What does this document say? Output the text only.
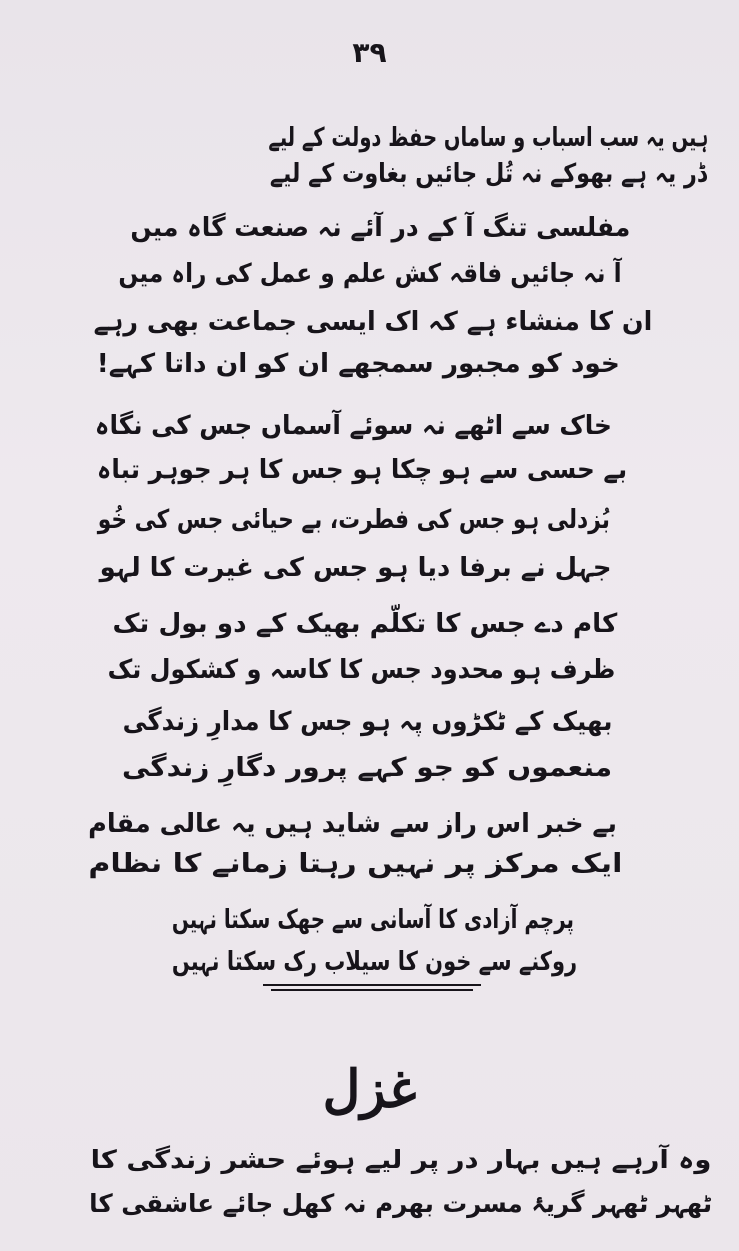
۳۹
ہیں یہ سب اسباب و ساماں حفظ دولت کے لیے
ڈر یہ ہے بھوکے نہ تُل جائیں بغاوت کے لیے
مفلسی تنگ آ کے در آئے نہ صنعت گاہ میں
آ نہ جائیں فاقہ کش علم و عمل کی راہ میں
ان کا منشاء ہے کہ اک ایسی جماعت بھی رہے
خود کو مجبور سمجھے ان کو ان داتا کہے!
خاک سے اٹھے نہ سوئے آسماں جس کی نگاہ
بے حسی سے ہو چکا ہو جس کا ہر جوہر تباہ
بُزدلی ہو جس کی فطرت، بے حیائی جس کی خُو
جہل نے برفا دیا ہو جس کی غیرت کا لہو
کام دے جس کا تکلّم بھیک کے دو بول تک
ظرف ہو محدود جس کا کاسہ و کشکول تک
بھیک کے ٹکڑوں پہ ہو جس کا مدارِ زندگی
منعموں کو جو کہے پرور دگارِ زندگی
بے خبر اس راز سے شاید ہیں یہ عالی مقام
ایک مرکز پر نہیں رہتا زمانے کا نظام
پرچم آزادی کا آسانی سے جھک سکتا نہیں
روکنے سے خون کا سیلاب رک سکتا نہیں
غزل
وہ آرہے ہیں بہار در پر لیے ہوئے حشر زندگی کا
ٹھہر ٹھہر گریۂ مسرت بھرم نہ کھل جائے عاشقی کا
